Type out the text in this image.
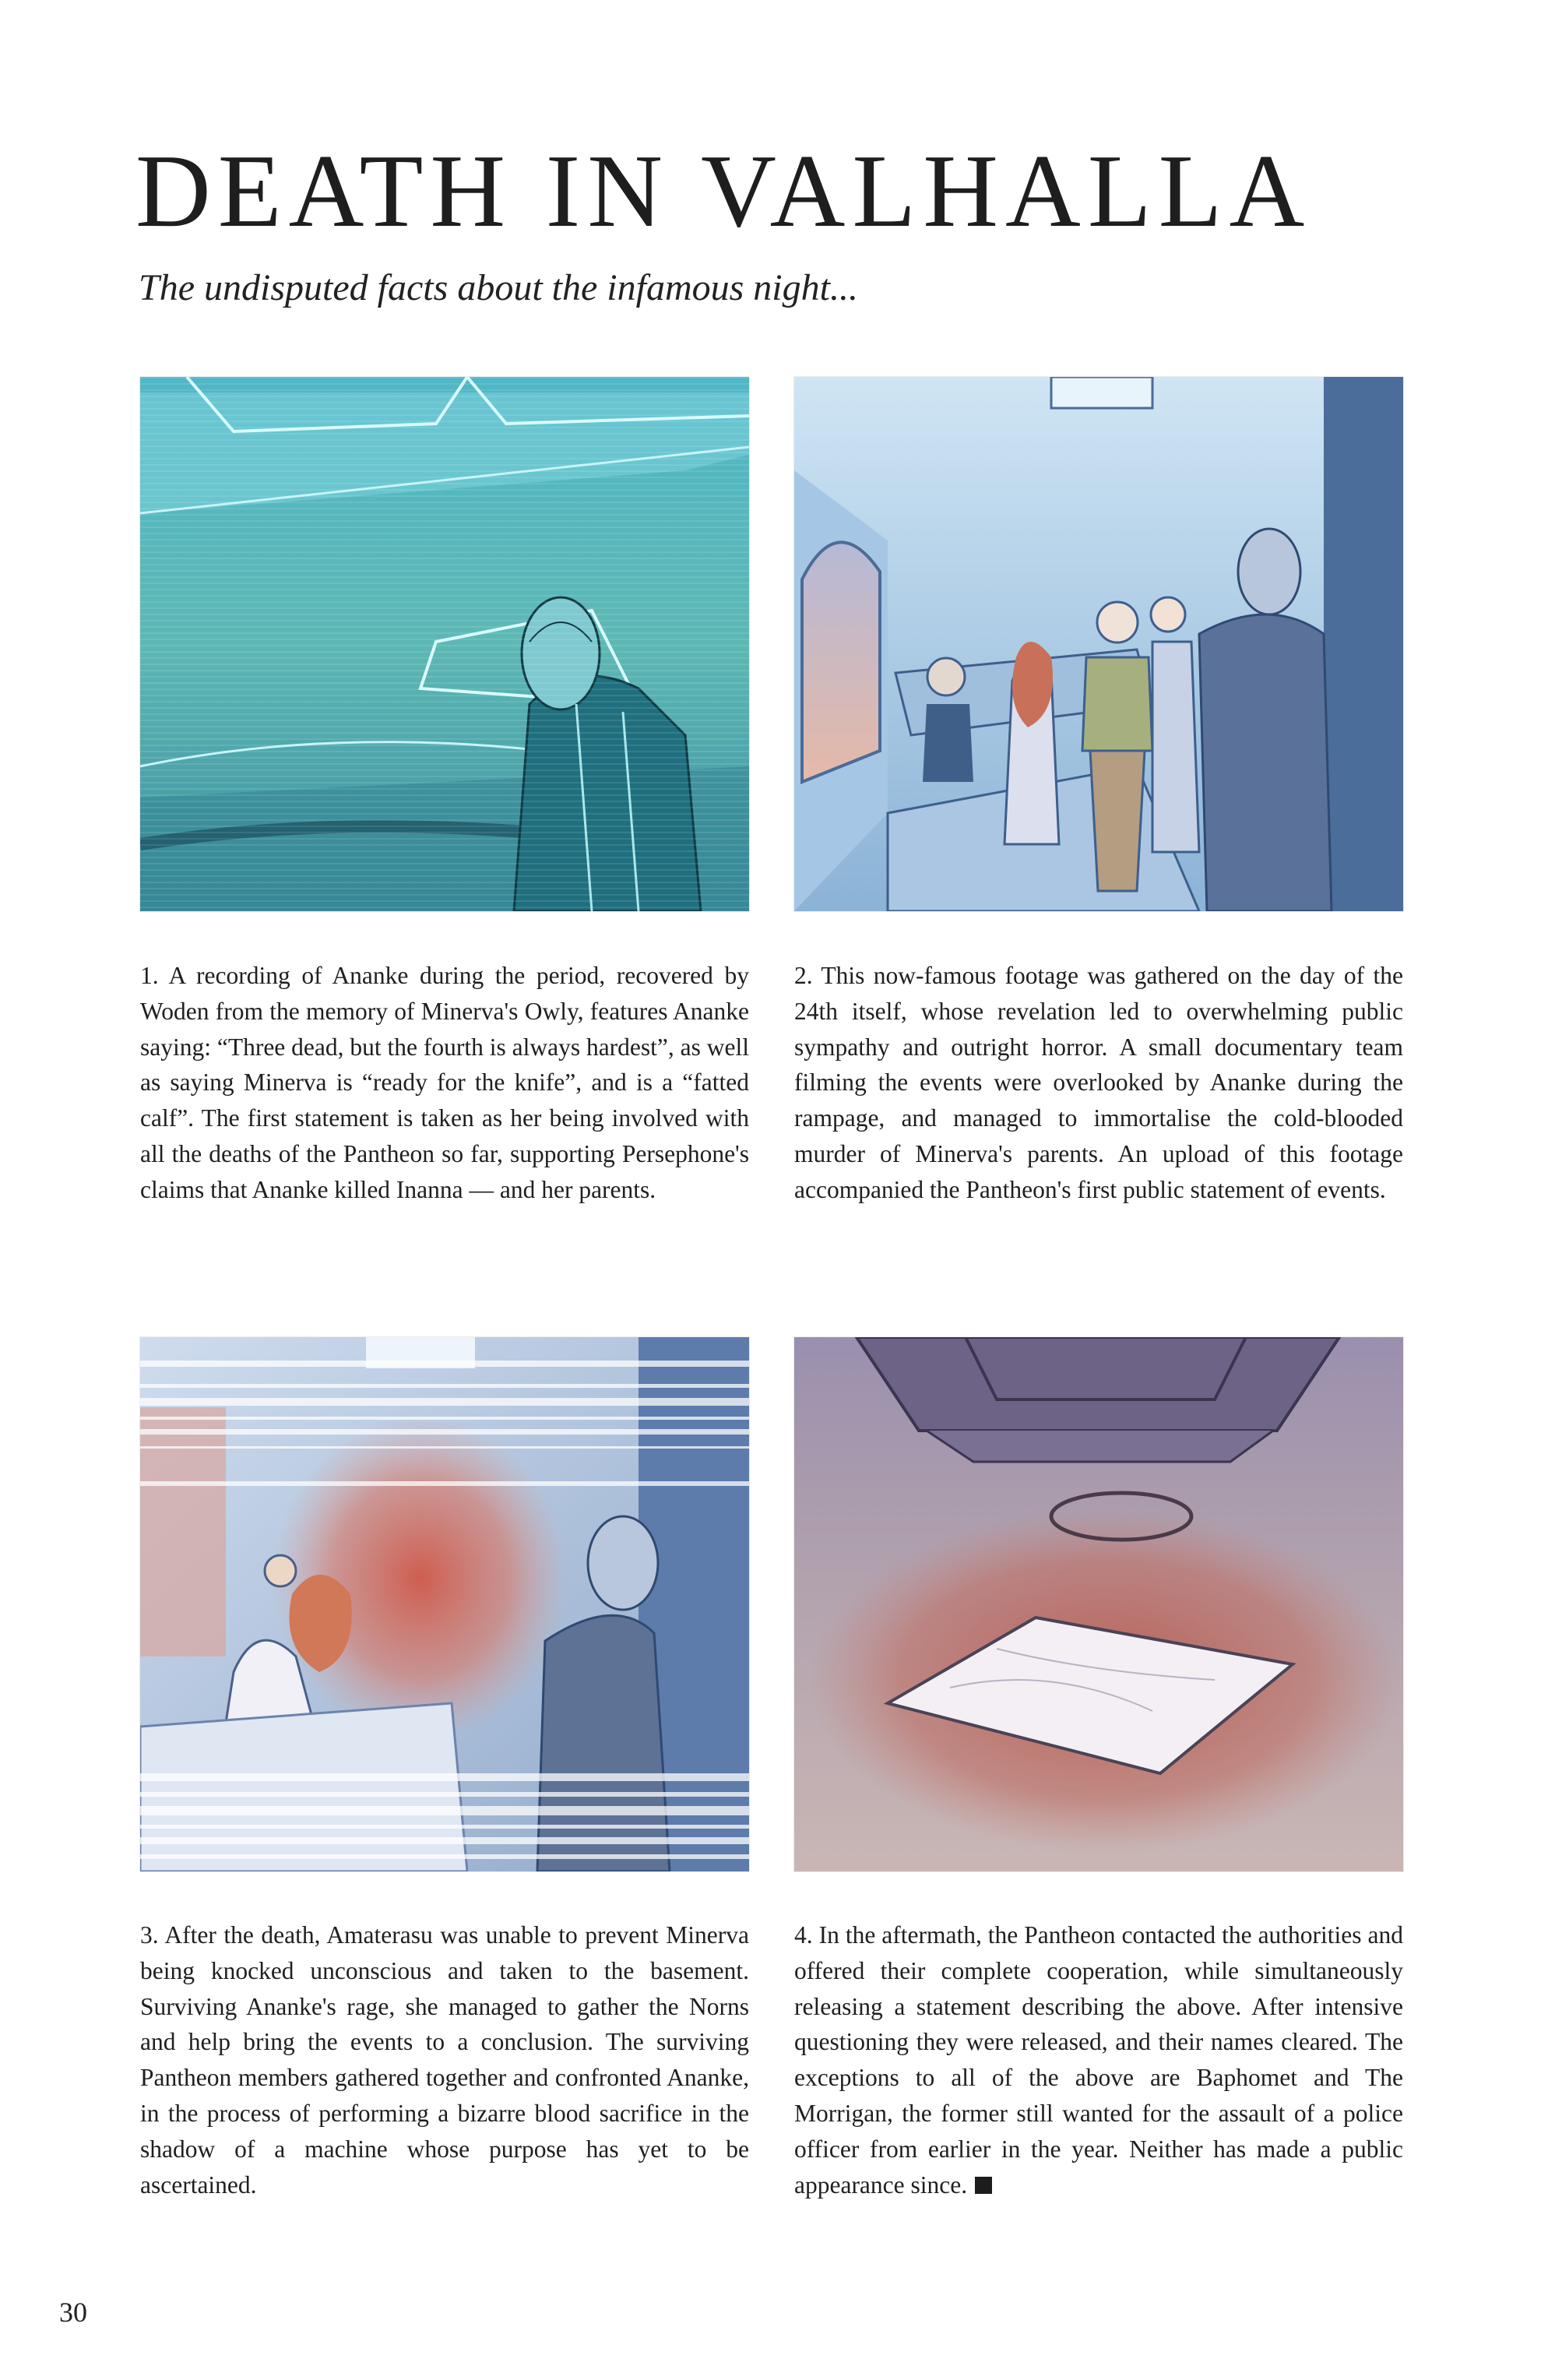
DEATH IN VALHALLA

The undisputed facts about the infamous night...

1. A recording of Ananke during the period, recovered by Woden from the memory of Minerva's Owly, features Ananke saying: “Three dead, but the fourth is always hardest”, as well as saying Minerva is “ready for the knife”, and is a “fatted calf”. The first statement is taken as her being involved with all the deaths of the Pantheon so far, supporting Persephone's claims that Ananke killed Inanna — and her parents.

2. This now-famous footage was gathered on the day of the 24th itself, whose revelation led to overwhelming public sympathy and outright horror. A small documentary team filming the events were overlooked by Ananke during the rampage, and managed to immortalise the cold-blooded murder of Minerva's parents. An upload of this footage accompanied the Pantheon's first public statement of events.

3. After the death, Amaterasu was unable to prevent Minerva being knocked unconscious and taken to the basement. Surviving Ananke's rage, she managed to gather the Norns and help bring the events to a conclusion. The surviving Pantheon members gathered together and confronted Ananke, in the process of performing a bizarre blood sacrifice in the shadow of a machine whose purpose has yet to be ascertained.

4. In the aftermath, the Pantheon contacted the authorities and offered their complete cooperation, while simultaneously releasing a statement describing the above. After intensive questioning they were released, and their names cleared. The exceptions to all of the above are Baphomet and The Morrigan, the former still wanted for the assault of a police officer from earlier in the year. Neither has made a public appearance since.

30
